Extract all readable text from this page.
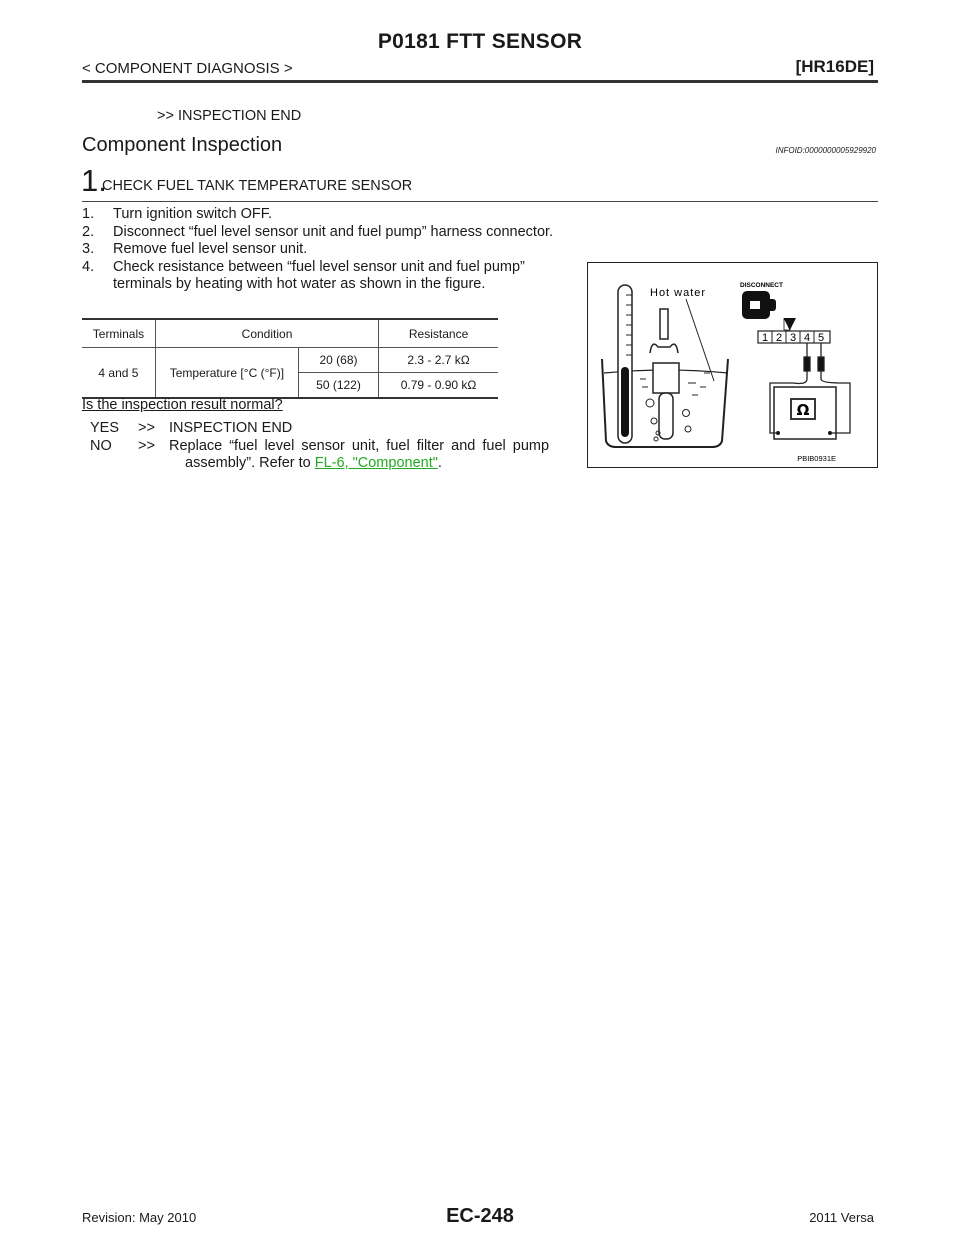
P0181 FTT SENSOR
< COMPONENT DIAGNOSIS >	[HR16DE]
>> INSPECTION END
Component Inspection	INFOID:0000000005929920
1.
CHECK FUEL TANK TEMPERATURE SENSOR
1.	Turn ignition switch OFF.
2.	Disconnect “fuel level sensor unit and fuel pump” harness connector.
3.	Remove fuel level sensor unit.
4.	Check resistance between “fuel level sensor unit and fuel pump” terminals by heating with hot water as shown in the figure.
Terminals	Condition		Resistance
4 and 5	Temperature [°C (°F)]	20 (68)	2.3 - 2.7 kΩ
		50 (122)	0.79 - 0.90 kΩ
Is the inspection result normal?
YES	>> INSPECTION END
NO	>> Replace “fuel level sensor unit, fuel filter and fuel pump
assembly”. Refer to FL-6, "Component".
Hot water
DISCONNECT
1 2 3 4 5
Ω
PBIB0931E
Revision: May 2010	EC-248	2011 Versa
